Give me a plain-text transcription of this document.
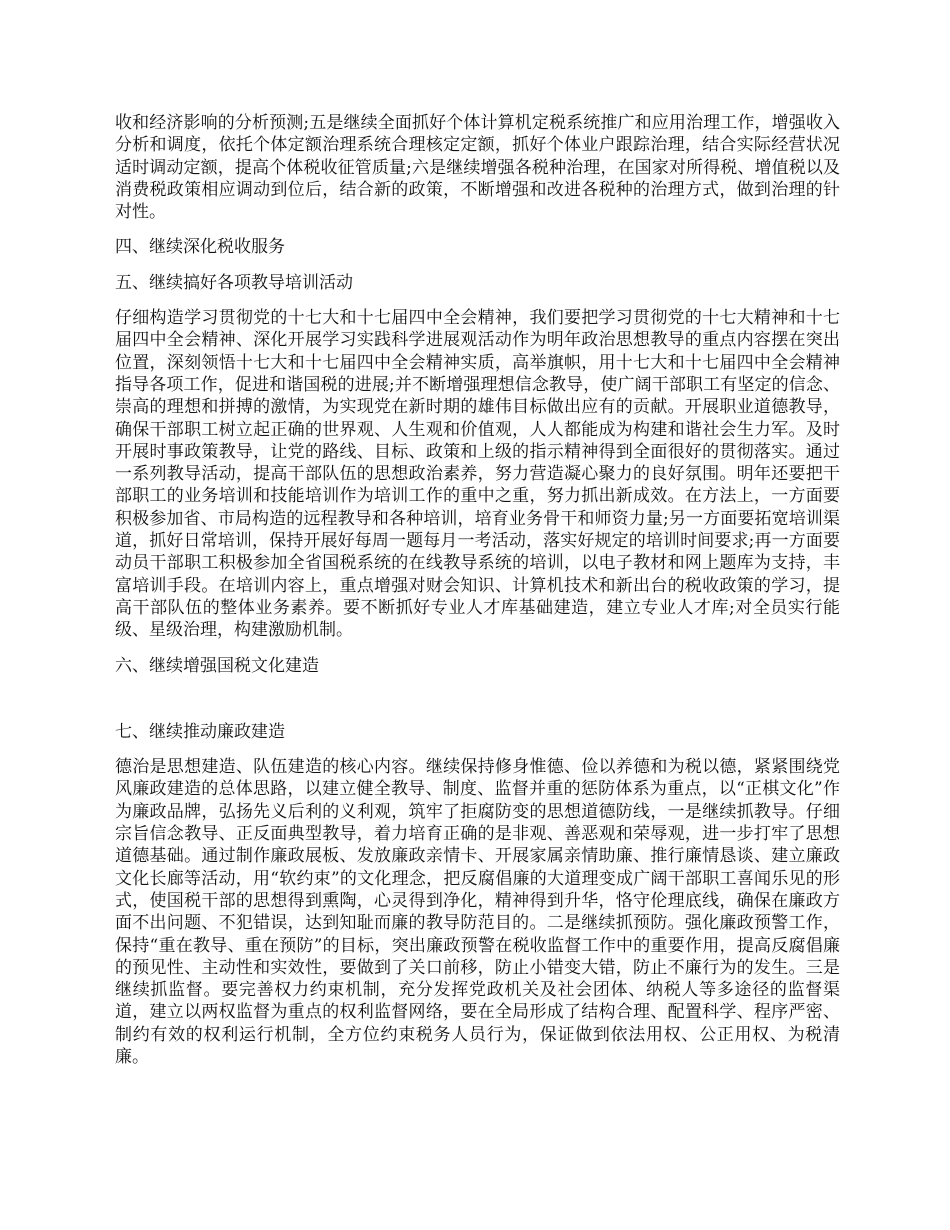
收和经济影响的分析预测;五是继续全面抓好个体计算机定税系统推广和应用治理工作，增强收入分析和调度，依托个体定额治理系统合理核定定额，抓好个体业户跟踪治理，结合实际经营状况适时调动定额，提高个体税收征管质量;六是继续增强各税种治理，在国家对所得税、增值税以及消费税政策相应调动到位后，结合新的政策，不断增强和改进各税种的治理方式，做到治理的针对性。

四、继续深化税收服务

五、继续搞好各项教导培训活动

仔细构造学习贯彻党的十七大和十七届四中全会精神，我们要把学习贯彻党的十七大精神和十七届四中全会精神、深化开展学习实践科学进展观活动作为明年政治思想教导的重点内容摆在突出位置，深刻领悟十七大和十七届四中全会精神实质，高举旗帜，用十七大和十七届四中全会精神指导各项工作，促进和谐国税的进展;并不断增强理想信念教导，使广阔干部职工有坚定的信念、崇高的理想和拼搏的激情，为实现党在新时期的雄伟目标做出应有的贡献。开展职业道德教导，确保干部职工树立起正确的世界观、人生观和价值观，人人都能成为构建和谐社会生力军。及时开展时事政策教导，让党的路线、目标、政策和上级的指示精神得到全面很好的贯彻落实。通过一系列教导活动，提高干部队伍的思想政治素养，努力营造凝心聚力的良好氛围。明年还要把干部职工的业务培训和技能培训作为培训工作的重中之重，努力抓出新成效。在方法上，一方面要积极参加省、市局构造的远程教导和各种培训，培育业务骨干和师资力量;另一方面要拓宽培训渠道，抓好日常培训，保持开展好每周一题每月一考活动，落实好规定的培训时间要求;再一方面要动员干部职工积极参加全省国税系统的在线教导系统的培训，以电子教材和网上题库为支持，丰富培训手段。在培训内容上，重点增强对财会知识、计算机技术和新出台的税收政策的学习，提高干部队伍的整体业务素养。要不断抓好专业人才库基础建造，建立专业人才库;对全员实行能级、星级治理，构建激励机制。

六、继续增强国税文化建造

七、继续推动廉政建造

德治是思想建造、队伍建造的核心内容。继续保持修身惟德、俭以养德和为税以德，紧紧围绕党风廉政建造的总体思路，以建立健全教导、制度、监督并重的惩防体系为重点，以“正棋文化”作为廉政品牌，弘扬先义后利的义利观，筑牢了拒腐防变的思想道德防线，一是继续抓教导。仔细宗旨信念教导、正反面典型教导，着力培育正确的是非观、善恶观和荣辱观，进一步打牢了思想道德基础。通过制作廉政展板、发放廉政亲情卡、开展家属亲情助廉、推行廉情恳谈、建立廉政文化长廊等活动，用“软约束”的文化理念，把反腐倡廉的大道理变成广阔干部职工喜闻乐见的形式，使国税干部的思想得到熏陶，心灵得到净化，精神得到升华，恪守伦理底线，确保在廉政方面不出问题、不犯错误，达到知耻而廉的教导防范目的。二是继续抓预防。强化廉政预警工作，保持“重在教导、重在预防”的目标，突出廉政预警在税收监督工作中的重要作用，提高反腐倡廉的预见性、主动性和实效性，要做到了关口前移，防止小错变大错，防止不廉行为的发生。三是继续抓监督。要完善权力约束机制，充分发挥党政机关及社会团体、纳税人等多途径的监督渠道，建立以两权监督为重点的权利监督网络，要在全局形成了结构合理、配置科学、程序严密、制约有效的权利运行机制，全方位约束税务人员行为，保证做到依法用权、公正用权、为税清廉。
